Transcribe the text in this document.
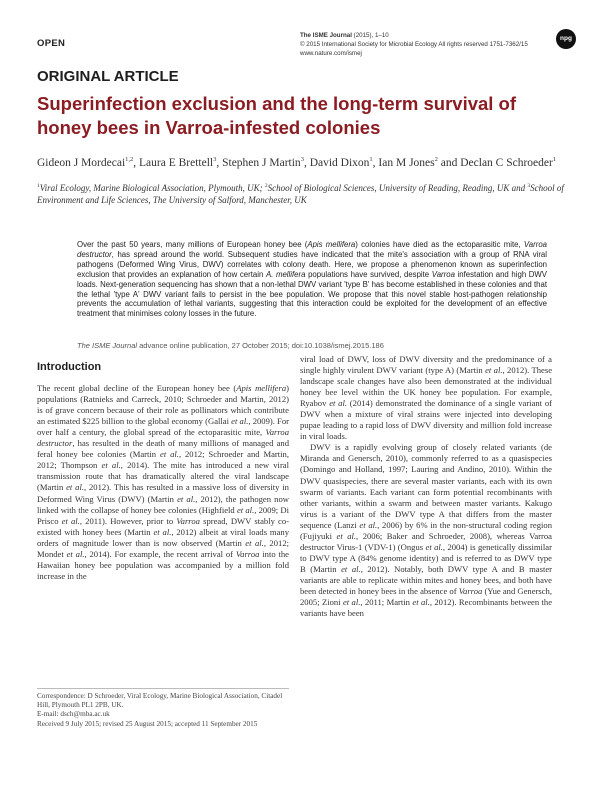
OPEN
The ISME Journal (2015), 1–10
© 2015 International Society for Microbial Ecology All rights reserved 1751-7362/15
www.nature.com/ismej
npg
ORIGINAL ARTICLE
Superinfection exclusion and the long-term survival of honey bees in Varroa-infested colonies
Gideon J Mordecai$^{1,2}$, Laura E Brettell$^3$, Stephen J Martin$^3$, David Dixon$^1$, Ian M Jones$^2$ and Declan C Schroeder$^1$
$^1$Viral Ecology, Marine Biological Association, Plymouth, UK; $^2$School of Biological Sciences, University of Reading, Reading, UK and $^3$School of Environment and Life Sciences, The University of Salford, Manchester, UK
Over the past 50 years, many millions of European honey bee (Apis mellifera) colonies have died as the ectoparasitic mite, Varroa destructor, has spread around the world. Subsequent studies have indicated that the mite's association with a group of RNA viral pathogens (Deformed Wing Virus, DWV) correlates with colony death. Here, we propose a phenomenon known as superinfection exclusion that provides an explanation of how certain A. mellifera populations have survived, despite Varroa infestation and high DWV loads. Next-generation sequencing has shown that a non-lethal DWV variant 'type B' has become established in these colonies and that the lethal 'type A' DWV variant fails to persist in the bee population. We propose that this novel stable host-pathogen relationship prevents the accumulation of lethal variants, suggesting that this interaction could be exploited for the development of an effective treatment that minimises colony losses in the future.
The ISME Journal advance online publication, 27 October 2015; doi:10.1038/ismej.2015.186
Introduction

The recent global decline of the European honey bee (Apis mellifera) populations (Ratnieks and Carreck, 2010; Schroeder and Martin, 2012) is of grave concern because of their role as pollinators which contribute an estimated $225 billion to the global economy (Gallai et al., 2009). For over half a century, the global spread of the ectoparasitic mite, Varroa destructor, has resulted in the death of many millions of managed and feral honey bee colonies (Martin et al., 2012; Schroeder and Martin, 2012; Thompson et al., 2014). The mite has introduced a new viral transmission route that has dramatically altered the viral landscape (Martin et al., 2012). This has resulted in a massive loss of diversity in Deformed Wing Virus (DWV) (Martin et al., 2012), the pathogen now linked with the collapse of honey bee colonies (Highfield et al., 2009; Di Prisco et al., 2011). However, prior to Varroa spread, DWV stably co-existed with honey bees (Martin et al., 2012) albeit at viral loads many orders of magnitude lower than is now observed (Martin et al., 2012; Mondet et al., 2014). For example, the recent arrival of Varroa into the Hawaiian honey bee population was accompanied by a million fold increase in the

Correspondence: D Schroeder, Viral Ecology, Marine Biological Association, Citadel Hill, Plymouth PL1 2PB, UK.
E-mail: dsch@mba.ac.uk
Received 9 July 2015; revised 25 August 2015; accepted 11 September 2015

viral load of DWV, loss of DWV diversity and the predominance of a single highly virulent DWV variant (type A) (Martin et al., 2012). These landscape scale changes have also been demonstrated at the individual honey bee level within the UK honey bee population. For example, Ryabov et al. (2014) demonstrated the dominance of a single variant of DWV when a mixture of viral strains were injected into developing pupae leading to a rapid loss of DWV diversity and million fold increase in viral loads.

DWV is a rapidly evolving group of closely related variants (de Miranda and Genersch, 2010), commonly referred to as a quasispecies (Domingo and Holland, 1997; Lauring and Andino, 2010). Within the DWV quasispecies, there are several master variants, each with its own swarm of variants. Each variant can form potential recombinants with other variants, within a swarm and between master variants. Kakugo virus is a variant of the DWV type A that differs from the master sequence (Lanzi et al., 2006) by 6% in the non-structural coding region (Fujiyuki et al., 2006; Baker and Schroeder, 2008), whereas Varroa destructor Virus-1 (VDV-1) (Ongus et al., 2004) is genetically dissimilar to DWV type A (84% genome identity) and is referred to as DWV type B (Martin et al., 2012). Notably, both DWV type A and B master variants are able to replicate within mites and honey bees, and both have been detected in honey bees in the absence of Varroa (Yue and Genersch, 2005; Zioni et al., 2011; Martin et al., 2012). Recombinants between the variants have been
